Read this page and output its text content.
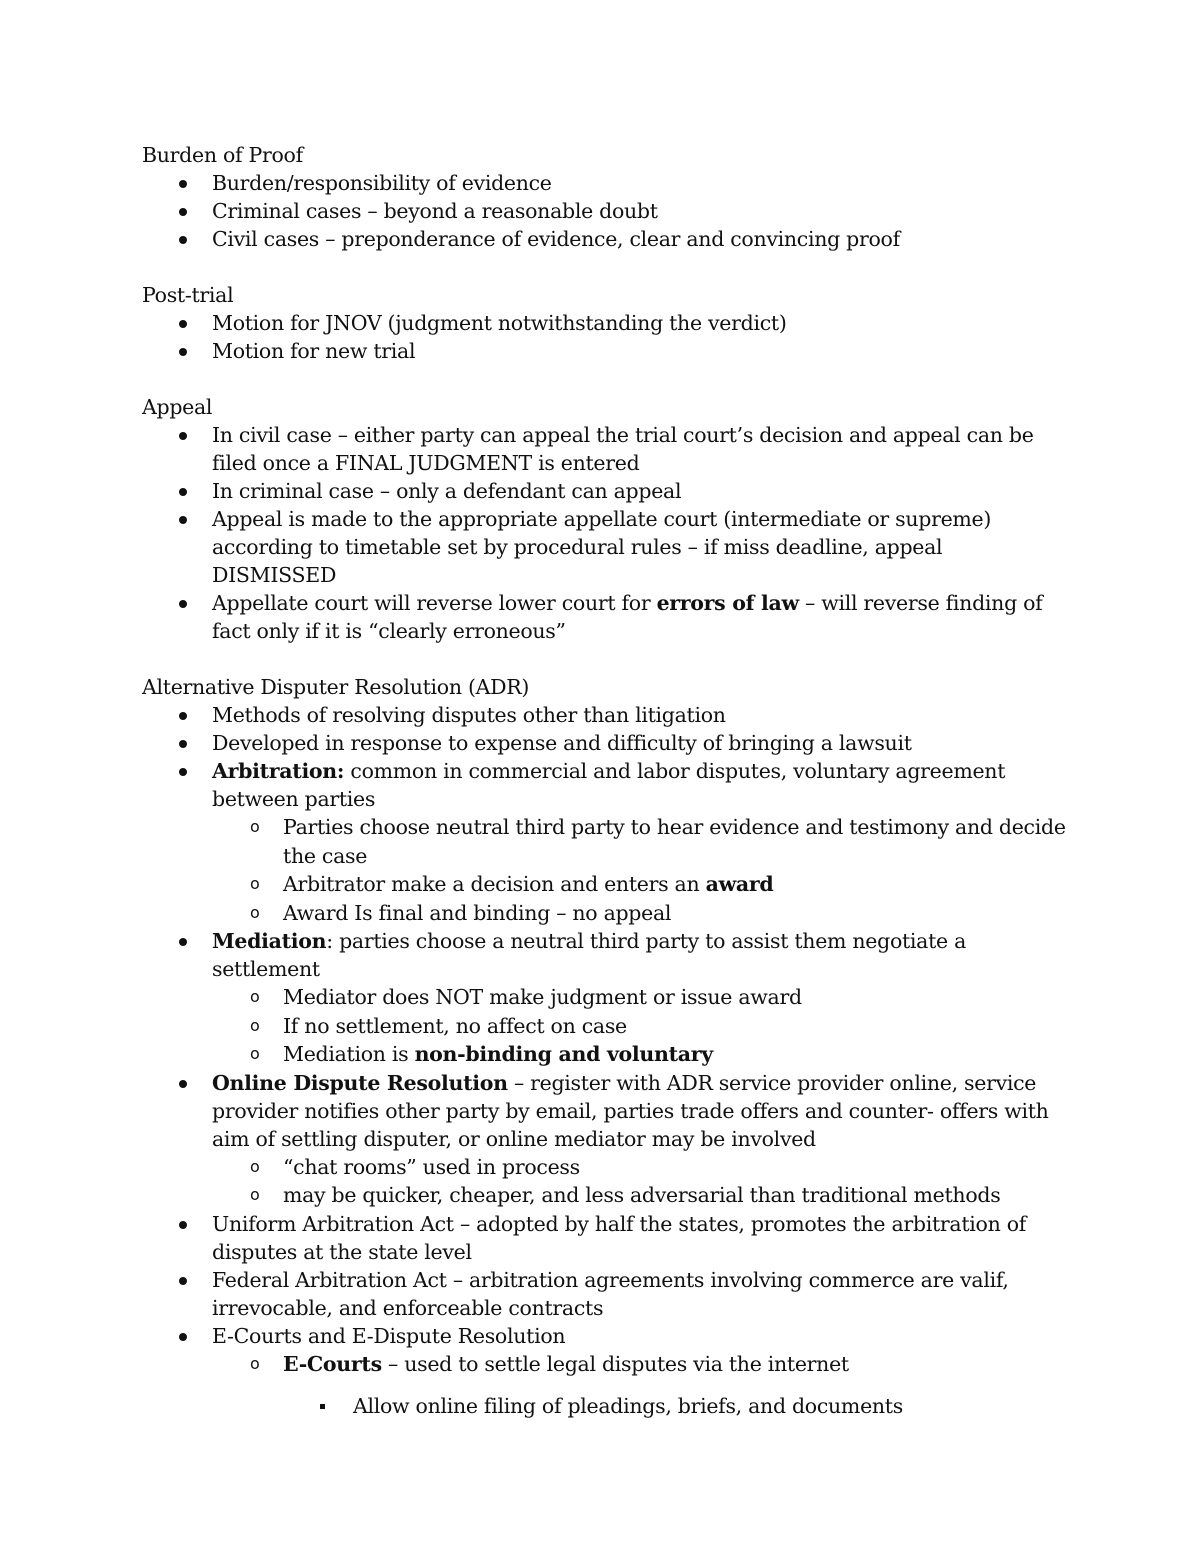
Burden of Proof
Burden/responsibility of evidence
Criminal cases – beyond a reasonable doubt
Civil cases – preponderance of evidence, clear and convincing proof
Post-trial
Motion for JNOV (judgment notwithstanding the verdict)
Motion for new trial
Appeal
In civil case – either party can appeal the trial court’s decision and appeal can be filed once a FINAL JUDGMENT is entered
In criminal case – only a defendant can appeal
Appeal is made to the appropriate appellate court (intermediate or supreme) according to timetable set by procedural rules – if miss deadline, appeal DISMISSED
Appellate court will reverse lower court for errors of law – will reverse finding of fact only if it is “clearly erroneous”
Alternative Disputer Resolution (ADR)
Methods of resolving disputes other than litigation
Developed in response to expense and difficulty of bringing a lawsuit
Arbitration: common in commercial and labor disputes, voluntary agreement between parties
o Parties choose neutral third party to hear evidence and testimony and decide the case
o Arbitrator make a decision and enters an award
o Award Is final and binding – no appeal
Mediation: parties choose a neutral third party to assist them negotiate a settlement
o Mediator does NOT make judgment or issue award
o If no settlement, no affect on case
o Mediation is non-binding and voluntary
Online Dispute Resolution – register with ADR service provider online, service provider notifies other party by email, parties trade offers and counter- offers with aim of settling disputer, or online mediator may be involved
o “chat rooms” used in process
o may be quicker, cheaper, and less adversarial than traditional methods
Uniform Arbitration Act – adopted by half the states, promotes the arbitration of disputes at the state level
Federal Arbitration Act – arbitration agreements involving commerce are valif, irrevocable, and enforceable contracts
E-Courts and E-Dispute Resolution
o E-Courts – used to settle legal disputes via the internet
Allow online filing of pleadings, briefs, and documents
